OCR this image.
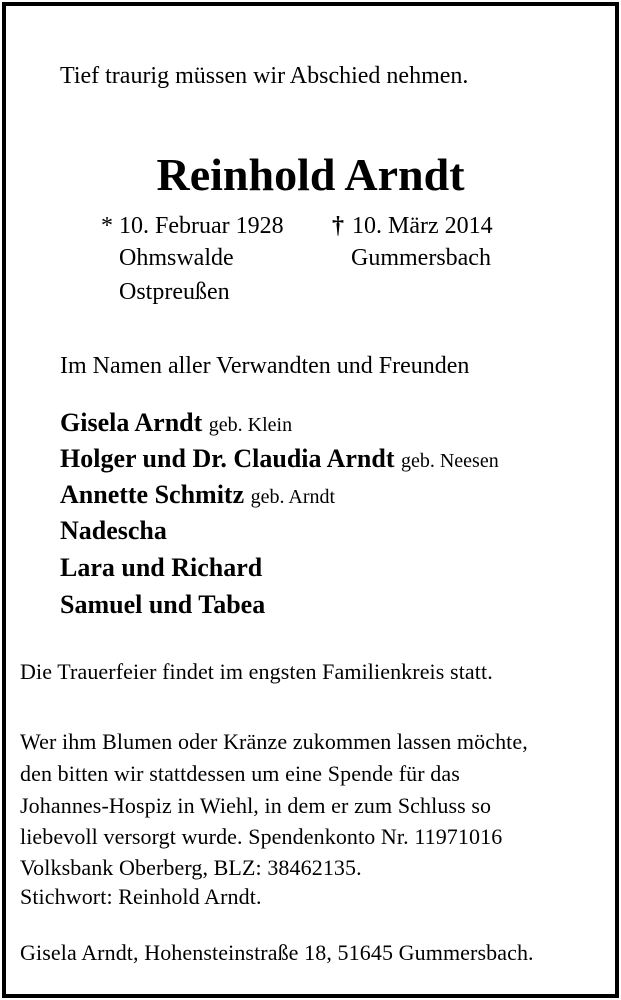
Tief traurig müssen wir Abschied nehmen.
Reinhold Arndt
* 10. Februar 1928
Ohmswalde
Ostpreußen
† 10. März 2014
Gummersbach
Im Namen aller Verwandten und Freunden
Gisela Arndt geb. Klein
Holger und Dr. Claudia Arndt geb. Neesen
Annette Schmitz geb. Arndt
Nadescha
Lara und Richard
Samuel und Tabea
Die Trauerfeier findet im engsten Familienkreis statt.
Wer ihm Blumen oder Kränze zukommen lassen möchte,
den bitten wir stattdessen um eine Spende für das
Johannes-Hospiz in Wiehl, in dem er zum Schluss so
liebevoll versorgt wurde. Spendenkonto Nr. 11971016
Volksbank Oberberg, BLZ: 38462135.
Stichwort: Reinhold Arndt.
Gisela Arndt, Hohensteinstraße 18, 51645 Gummersbach.
